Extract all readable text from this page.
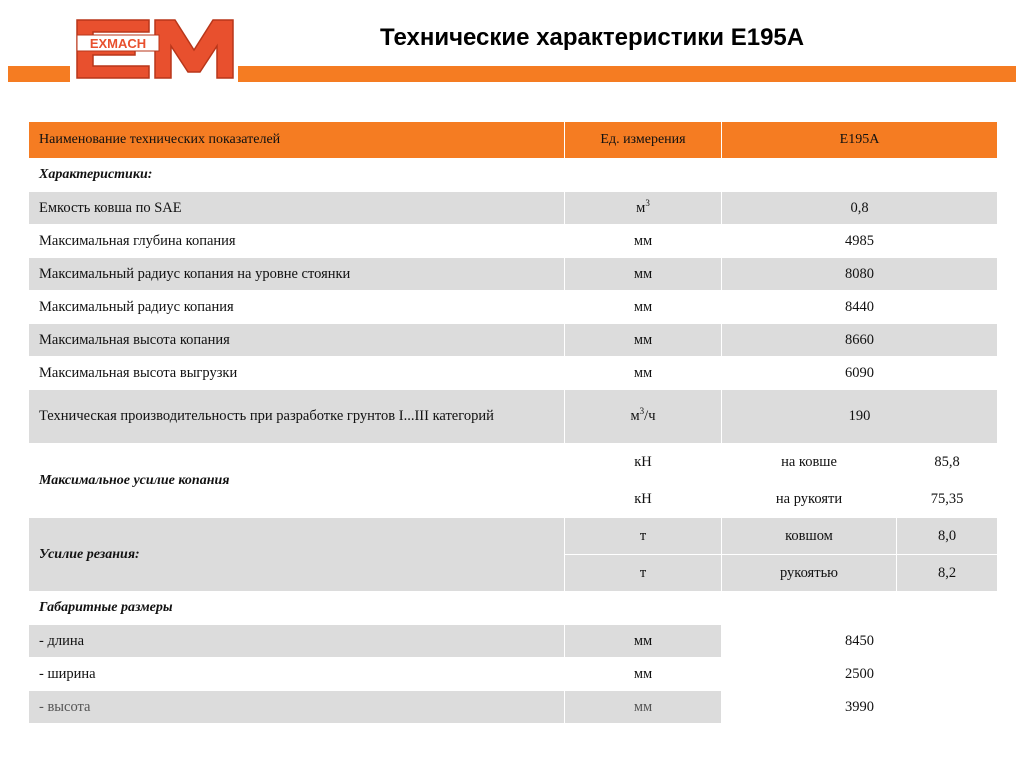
EXMACH	Технические характеристики Е195А
Наименование технических показателей	Ед. измерения	Е195А	
Характеристики:			
Емкость ковша по SAE	$м^3$	0,8	
Максимальная глубина копания	мм	4985	
Максимальный радиус копания на уровне стоянки	мм	8080	
Максимальный радиус копания	мм	8440	
Максимальная высота копания	мм	8660	
Максимальная высота выгрузки	мм	6090	
Техническая производительность при разработке грунтов I...III категорий	$м^3/ч$	190	
Максимальное усилие копания	кН	на ковше	85,8
	кН	на рукояти	75,35
Усилие резания:	т	ковшом	8,0
	т	рукоятью	8,2
Габаритные размеры			
- длина	мм	8450	
- ширина	мм	2500	
- высота	мм	3990	
